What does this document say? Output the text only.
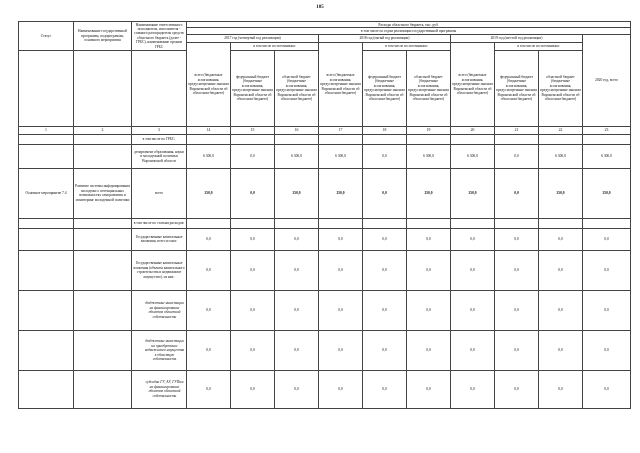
105
Статус	Наименование государственной программы, подпрограммы, основного мероприятия	Наименование ответственного исполнителя, исполнителя - главного распорядителя средств областного бюджета (далее - ГРБС), наименование органов ГРБС	Расходы областного бюджета, тыс. руб.									
			в том числе по годам реализации государственной программы									
			2017 год (четвертый год реализации)			2018 год (пятый год реализации)			2019 год (шестой год реализации)			2020 год, всего
			всего (бюджетные ассигнования, предусмотренные законом Воронежской области об областном бюджете)	в том числе по источникам:		всего (бюджетные ассигнования, предусмотренные законом Воронежской области об областном бюджете)	в том числе по источникам:		всего (бюджетные ассигнования, предусмотренные законом Воронежской области об областном бюджете)	в том числе по источникам:		
				федеральный бюджет (бюджетные ассигнования, предусмотренные законом Воронежской области об областном бюджете)	областной бюджет (бюджетные ассигнования, предусмотренные законом Воронежской области об областном бюджете)		федеральный бюджет (бюджетные ассигнования, предусмотренные законом Воронежской области об областном бюджете)	областной бюджет (бюджетные ассигнования, предусмотренные законом Воронежской области об областном бюджете)		федеральный бюджет (бюджетные ассигнования, предусмотренные законом Воронежской области об областном бюджете)	областной бюджет (бюджетные ассигнования, предусмотренные законом Воронежской области об областном бюджете)	
1	2	3	14	15	16	17	18	19	20	21	22	23
		в том числе по ГРБС:										
		департамент образования, науки и молодежной политики Воронежской области	6 300,0	0,0	6 300,0	6 300,0	0,0	6 300,0	6 300,0	0,0	6 300,0	6 300,0
Основное мероприятие 7.4	Развитие системы информирования молодежи о потенциальных возможностях саморазвития и мониторинг молодежной политики	всего	250,0	0,0	250,0	250,0	0,0	250,0	250,0	0,0	250,0	250,0
		в том числе по статьям расходов:										
		Государственные капитальные вложения, всего из них:	0,0	0,0	0,0	0,0	0,0	0,0	0,0	0,0	0,0	0,0
		Государственные капитальные вложения (объекты капитального строительства и недвижимое имущество), из них:	0,0	0,0	0,0	0,0	0,0	0,0	0,0	0,0	0,0	0,0
		бюджетные инвестиции на финансирование объектов областной собственности	0,0	0,0	0,0	0,0	0,0	0,0	0,0	0,0	0,0	0,0
		бюджетные инвестиции на приобретение недвижимого имущества в областную собственность	0,0	0,0	0,0	0,0	0,0	0,0	0,0	0,0	0,0	0,0
		субсидии ГУ, АУ, ГУПам на финансирование объектов областной собственности	0,0	0,0	0,0	0,0	0,0	0,0	0,0	0,0	0,0	0,0
